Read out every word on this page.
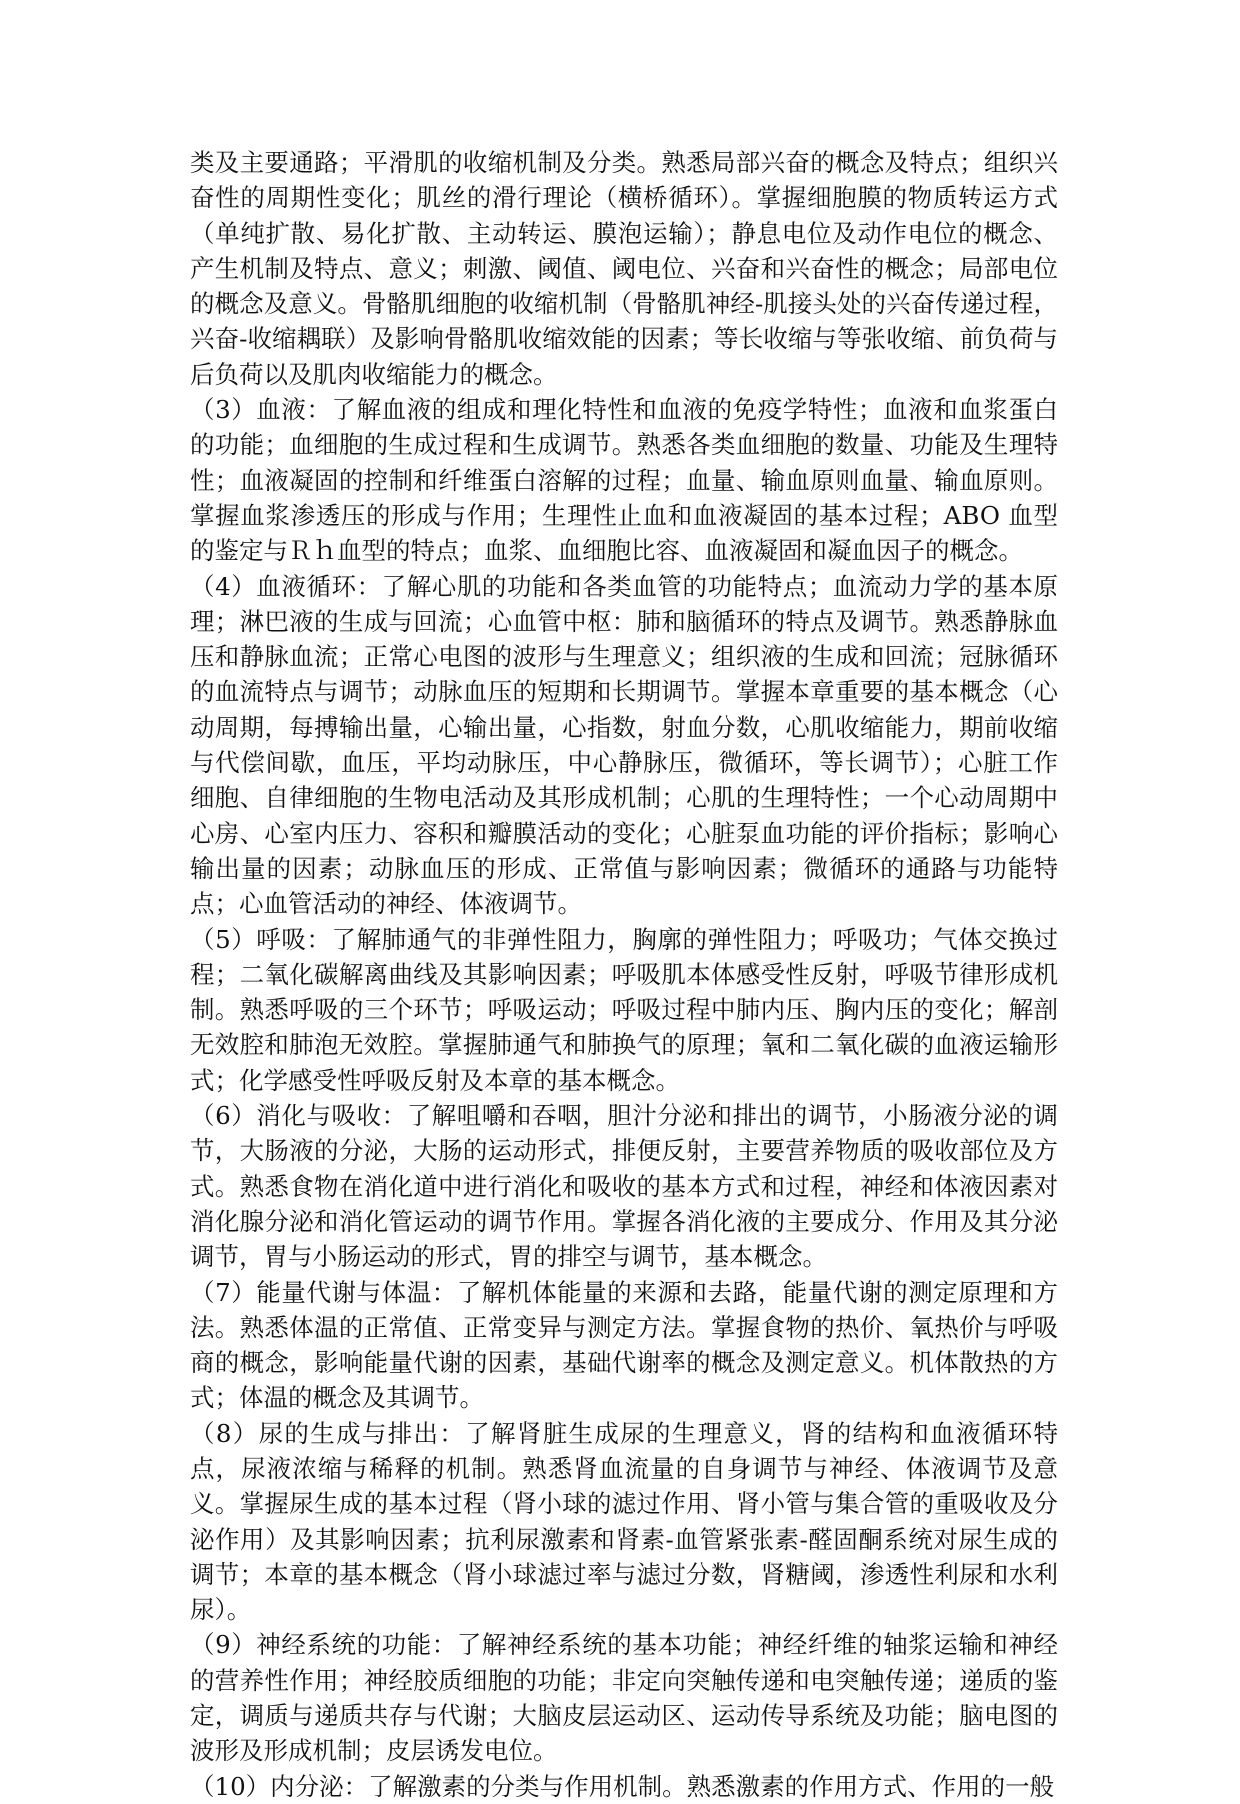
类及主要通路；平滑肌的收缩机制及分类。熟悉局部兴奋的概念及特点；组织兴奋性的周期性变化；肌丝的滑行理论（横桥循环）。掌握细胞膜的物质转运方式（单纯扩散、易化扩散、主动转运、膜泡运输）；静息电位及动作电位的概念、产生机制及特点、意义；刺激、阈值、阈电位、兴奋和兴奋性的概念；局部电位的概念及意义。骨骼肌细胞的收缩机制（骨骼肌神经-肌接头处的兴奋传递过程，兴奋-收缩耦联）及影响骨骼肌收缩效能的因素；等长收缩与等张收缩、前负荷与后负荷以及肌肉收缩能力的概念。

（3）血液：了解血液的组成和理化特性和血液的免疫学特性；血液和血浆蛋白的功能；血细胞的生成过程和生成调节。熟悉各类血细胞的数量、功能及生理特性；血液凝固的控制和纤维蛋白溶解的过程；血量、输血原则血量、输血原则。掌握血浆渗透压的形成与作用；生理性止血和血液凝固的基本过程；ABO 血型的鉴定与Ｒｈ血型的特点；血浆、血细胞比容、血液凝固和凝血因子的概念。

（4）血液循环：了解心肌的功能和各类血管的功能特点；血流动力学的基本原理；淋巴液的生成与回流；心血管中枢：肺和脑循环的特点及调节。熟悉静脉血压和静脉血流；正常心电图的波形与生理意义；组织液的生成和回流；冠脉循环的血流特点与调节；动脉血压的短期和长期调节。掌握本章重要的基本概念（心动周期，每搏输出量，心输出量，心指数，射血分数，心肌收缩能力，期前收缩与代偿间歇，血压，平均动脉压，中心静脉压，微循环，等长调节）；心脏工作细胞、自律细胞的生物电活动及其形成机制；心肌的生理特性；一个心动周期中心房、心室内压力、容积和瓣膜活动的变化；心脏泵血功能的评价指标；影响心输出量的因素；动脉血压的形成、正常值与影响因素；微循环的通路与功能特点；心血管活动的神经、体液调节。

（5）呼吸：了解肺通气的非弹性阻力，胸廓的弹性阻力；呼吸功；气体交换过程；二氧化碳解离曲线及其影响因素；呼吸肌本体感受性反射，呼吸节律形成机制。熟悉呼吸的三个环节；呼吸运动；呼吸过程中肺内压、胸内压的变化；解剖无效腔和肺泡无效腔。掌握肺通气和肺换气的原理；氧和二氧化碳的血液运输形式；化学感受性呼吸反射及本章的基本概念。

（6）消化与吸收：了解咀嚼和吞咽，胆汁分泌和排出的调节，小肠液分泌的调节，大肠液的分泌，大肠的运动形式，排便反射，主要营养物质的吸收部位及方式。熟悉食物在消化道中进行消化和吸收的基本方式和过程，神经和体液因素对消化腺分泌和消化管运动的调节作用。掌握各消化液的主要成分、作用及其分泌调节，胃与小肠运动的形式，胃的排空与调节，基本概念。

（7）能量代谢与体温：了解机体能量的来源和去路，能量代谢的测定原理和方法。熟悉体温的正常值、正常变异与测定方法。掌握食物的热价、氧热价与呼吸商的概念，影响能量代谢的因素，基础代谢率的概念及测定意义。机体散热的方式；体温的概念及其调节。

（8）尿的生成与排出：了解肾脏生成尿的生理意义，肾的结构和血液循环特点，尿液浓缩与稀释的机制。熟悉肾血流量的自身调节与神经、体液调节及意义。掌握尿生成的基本过程（肾小球的滤过作用、肾小管与集合管的重吸收及分泌作用）及其影响因素；抗利尿激素和肾素-血管紧张素-醛固酮系统对尿生成的调节；本章的基本概念（肾小球滤过率与滤过分数，肾糖阈，渗透性利尿和水利尿）。

（9）神经系统的功能：了解神经系统的基本功能；神经纤维的轴浆运输和神经的营养性作用；神经胶质细胞的功能；非定向突触传递和电突触传递；递质的鉴定，调质与递质共存与代谢；大脑皮层运动区、运动传导系统及功能；脑电图的波形及形成机制；皮层诱发电位。

（10）内分泌：了解激素的分类与作用机制。熟悉激素的作用方式、作用的一般
